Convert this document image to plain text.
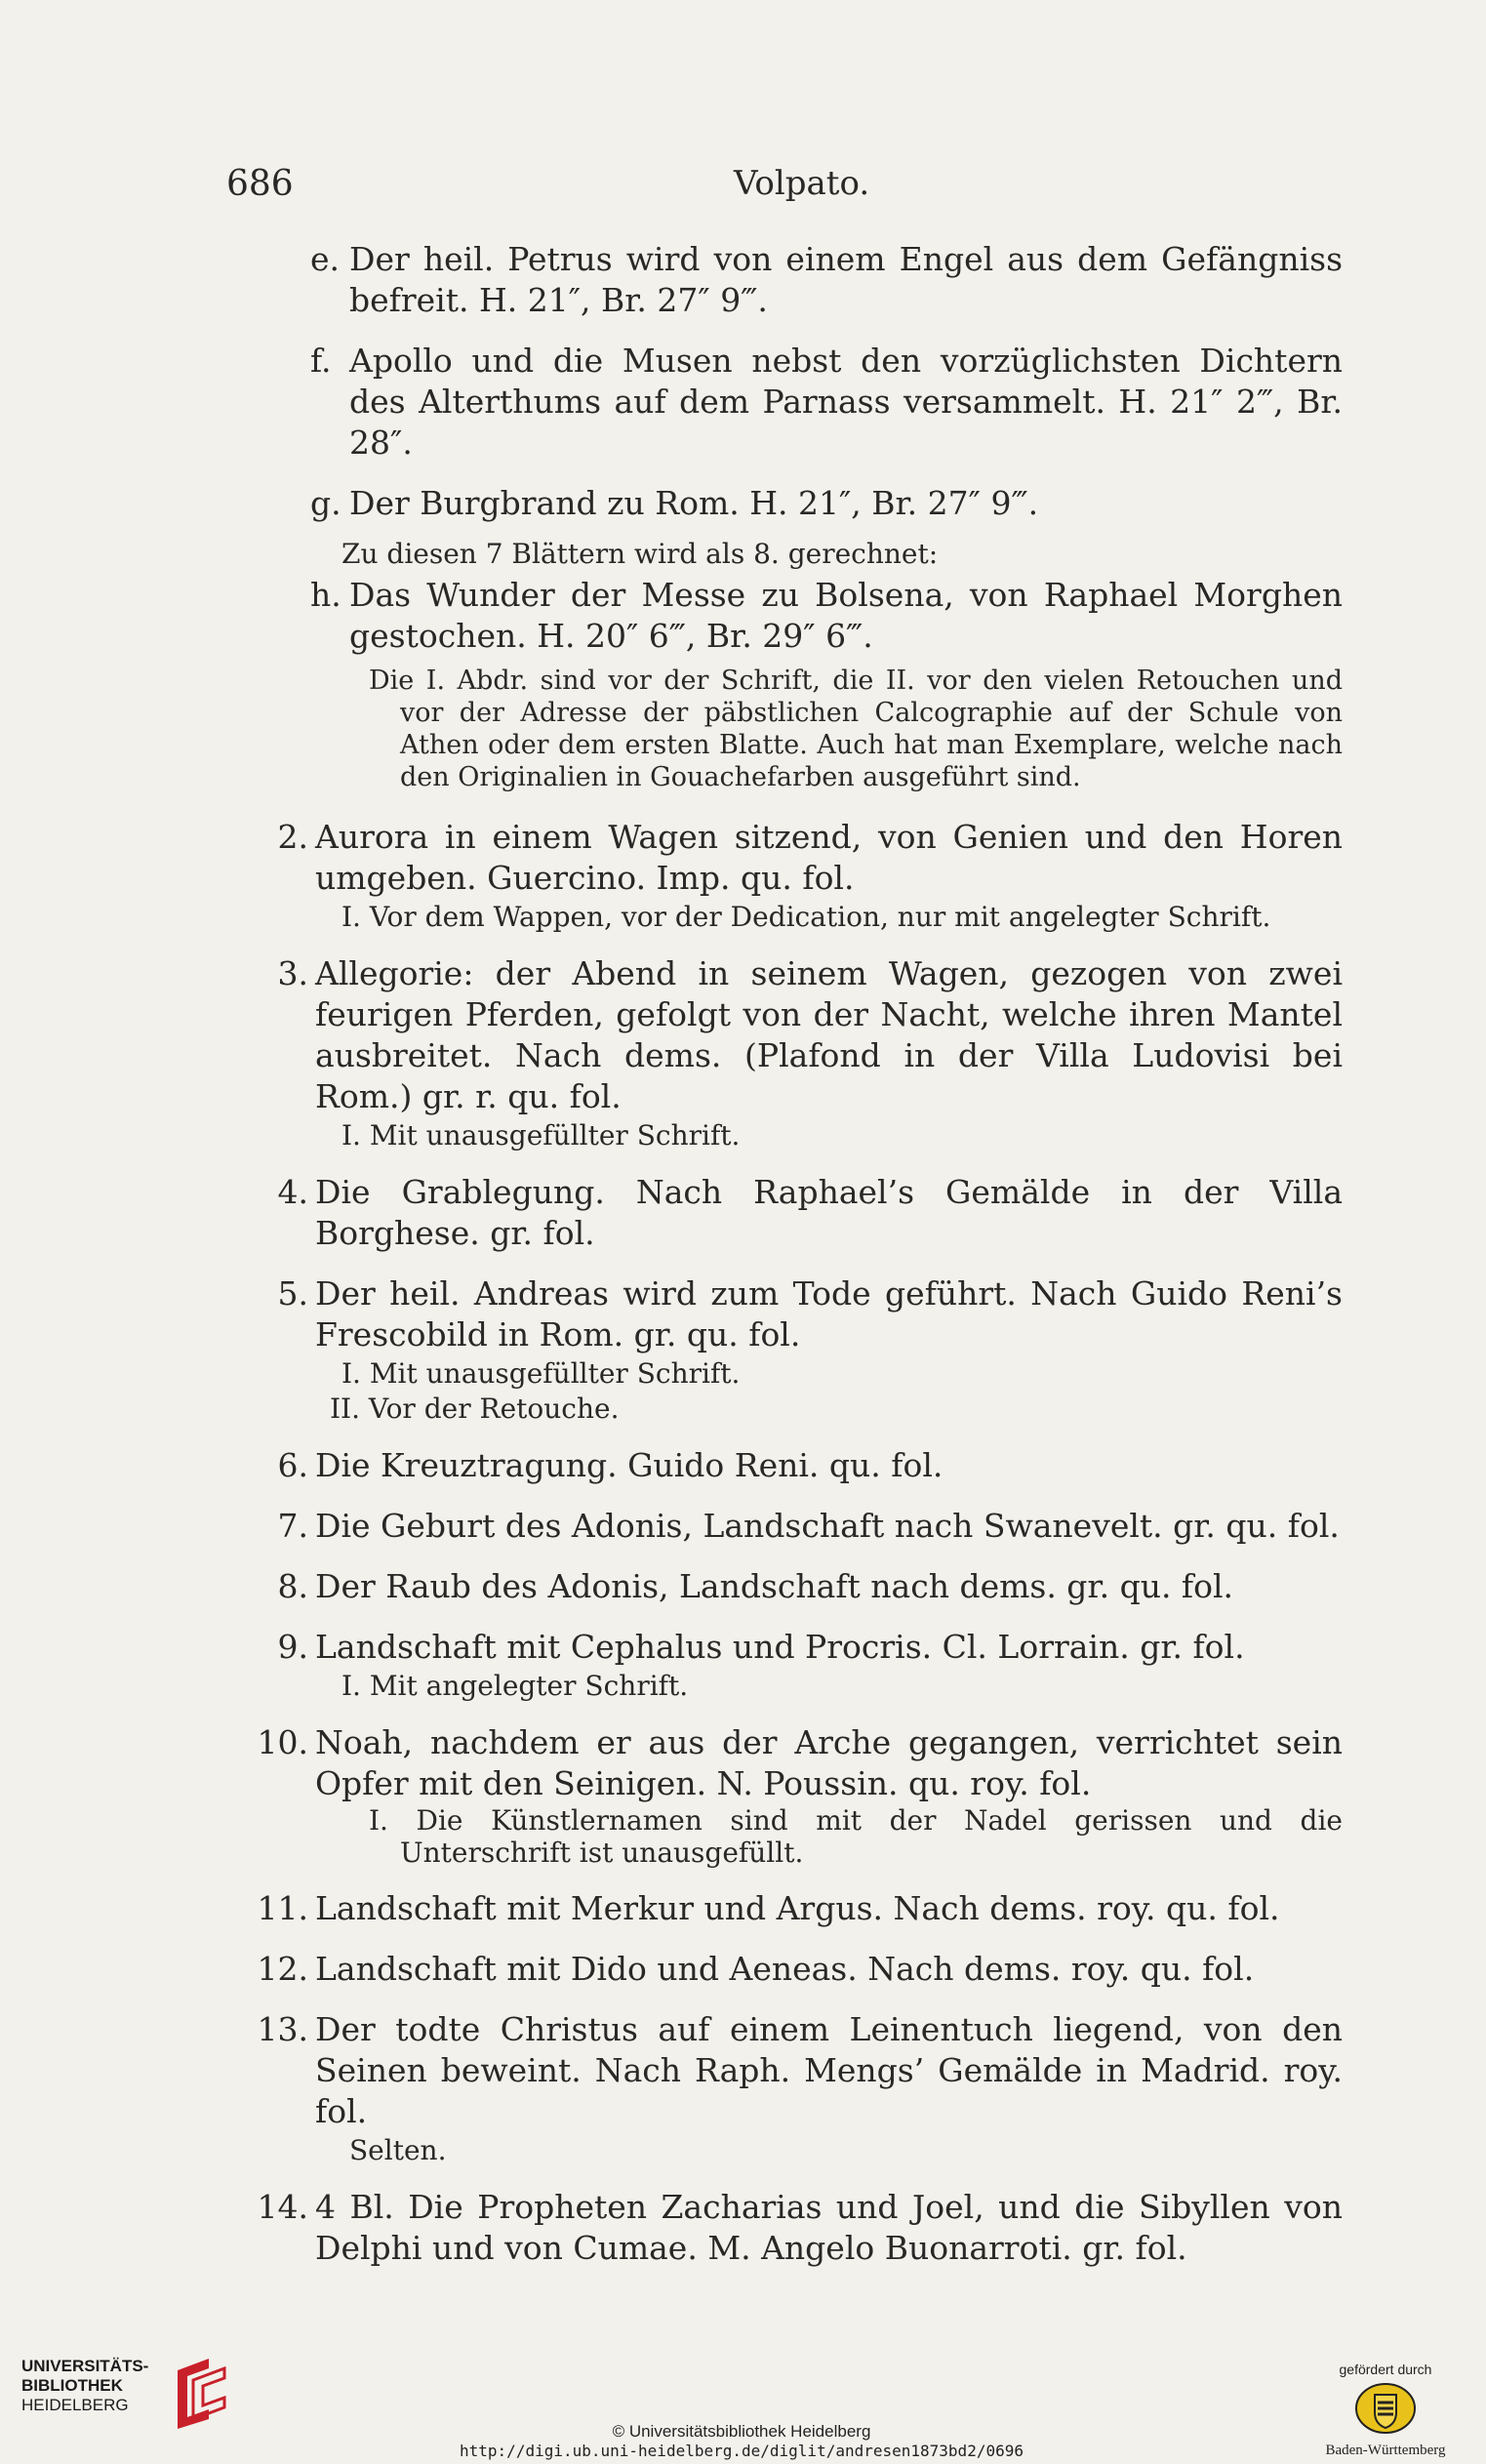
686	Volpato.
e. Der heil. Petrus wird von einem Engel aus dem Gefängniss befreit. H. 21″, Br. 27″ 9‴.
f. Apollo und die Musen nebst den vorzüglichsten Dichtern des Alterthums auf dem Parnass versammelt. H. 21″ 2‴, Br. 28″.
g. Der Burgbrand zu Rom. H. 21″, Br. 27″ 9‴.
Zu diesen 7 Blättern wird als 8. gerechnet:
h. Das Wunder der Messe zu Bolsena, von Raphael Morghen gestochen. H. 20″ 6‴, Br. 29″ 6‴.
Die I. Abdr. sind vor der Schrift, die II. vor den vielen Retouchen und vor der Adresse der päbstlichen Calcographie auf der Schule von Athen oder dem ersten Blatte. Auch hat man Exemplare, welche nach den Originalien in Gouachefarben ausgeführt sind.
2. Aurora in einem Wagen sitzend, von Genien und den Horen umgeben. Guercino. Imp. qu. fol.
I. Vor dem Wappen, vor der Dedication, nur mit angelegter Schrift.
3. Allegorie: der Abend in seinem Wagen, gezogen von zwei feurigen Pferden, gefolgt von der Nacht, welche ihren Mantel ausbreitet. Nach dems. (Plafond in der Villa Ludovisi bei Rom.) gr. r. qu. fol.
I. Mit unausgefüllter Schrift.
4. Die Grablegung. Nach Raphael’s Gemälde in der Villa Borghese. gr. fol.
5. Der heil. Andreas wird zum Tode geführt. Nach Guido Reni’s Frescobild in Rom. gr. qu. fol.
I. Mit unausgefüllter Schrift.
II. Vor der Retouche.
6. Die Kreuztragung. Guido Reni. qu. fol.
7. Die Geburt des Adonis, Landschaft nach Swanevelt. gr. qu. fol.
8. Der Raub des Adonis, Landschaft nach dems. gr. qu. fol.
9. Landschaft mit Cephalus und Procris. Cl. Lorrain. gr. fol.
I. Mit angelegter Schrift.
10. Noah, nachdem er aus der Arche gegangen, verrichtet sein Opfer mit den Seinigen. N. Poussin. qu. roy. fol.
I. Die Künstlernamen sind mit der Nadel gerissen und die Unterschrift ist unausgefüllt.
11. Landschaft mit Merkur und Argus. Nach dems. roy. qu. fol.
12. Landschaft mit Dido und Aeneas. Nach dems. roy. qu. fol.
13. Der todte Christus auf einem Leinentuch liegend, von den Seinen beweint. Nach Raph. Mengs’ Gemälde in Madrid. roy. fol.
Selten.
14. 4 Bl. Die Propheten Zacharias und Joel, und die Sibyllen von Delphi und von Cumae. M. Angelo Buonarroti. gr. fol.
UNIVERSITÄTS-
BIBLIOTHEK
HEIDELBERG
© Universitätsbibliothek Heidelberg
http://digi.ub.uni-heidelberg.de/diglit/andresen1873bd2/0696
gefördert durch
Baden-Württemberg
